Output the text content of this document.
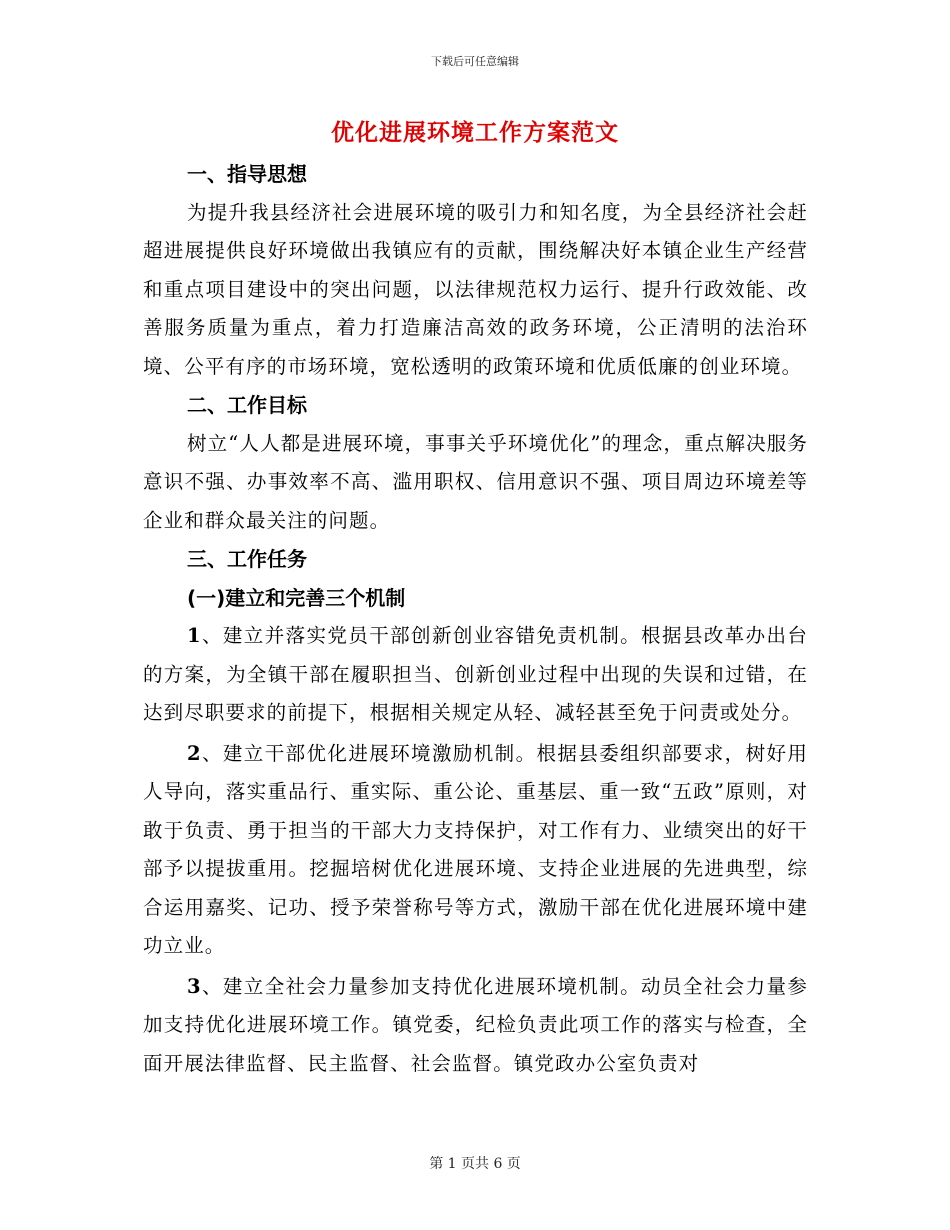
下载后可任意编辑
优化进展环境工作方案范文
一、指导思想
为提升我县经济社会进展环境的吸引力和知名度，为全县经济社会赶超进展提供良好环境做出我镇应有的贡献，围绕解决好本镇企业生产经营和重点项目建设中的突出问题，以法律规范权力运行、提升行政效能、改善服务质量为重点，着力打造廉洁高效的政务环境，公正清明的法治环境、公平有序的市场环境，宽松透明的政策环境和优质低廉的创业环境。
二、工作目标
树立“人人都是进展环境，事事关乎环境优化”的理念，重点解决服务意识不强、办事效率不高、滥用职权、信用意识不强、项目周边环境差等企业和群众最关注的问题。
三、工作任务
(一)建立和完善三个机制
1、建立并落实党员干部创新创业容错免责机制。根据县改革办出台的方案，为全镇干部在履职担当、创新创业过程中出现的失误和过错，在达到尽职要求的前提下，根据相关规定从轻、减轻甚至免于问责或处分。
2、建立干部优化进展环境激励机制。根据县委组织部要求，树好用人导向，落实重品行、重实际、重公论、重基层、重一致“五政”原则，对敢于负责、勇于担当的干部大力支持保护，对工作有力、业绩突出的好干部予以提拔重用。挖掘培树优化进展环境、支持企业进展的先进典型，综合运用嘉奖、记功、授予荣誉称号等方式，激励干部在优化进展环境中建功立业。
3、建立全社会力量参加支持优化进展环境机制。动员全社会力量参加支持优化进展环境工作。镇党委，纪检负责此项工作的落实与检查，全面开展法律监督、民主监督、社会监督。镇党政办公室负责对
第 1 页共 6 页
